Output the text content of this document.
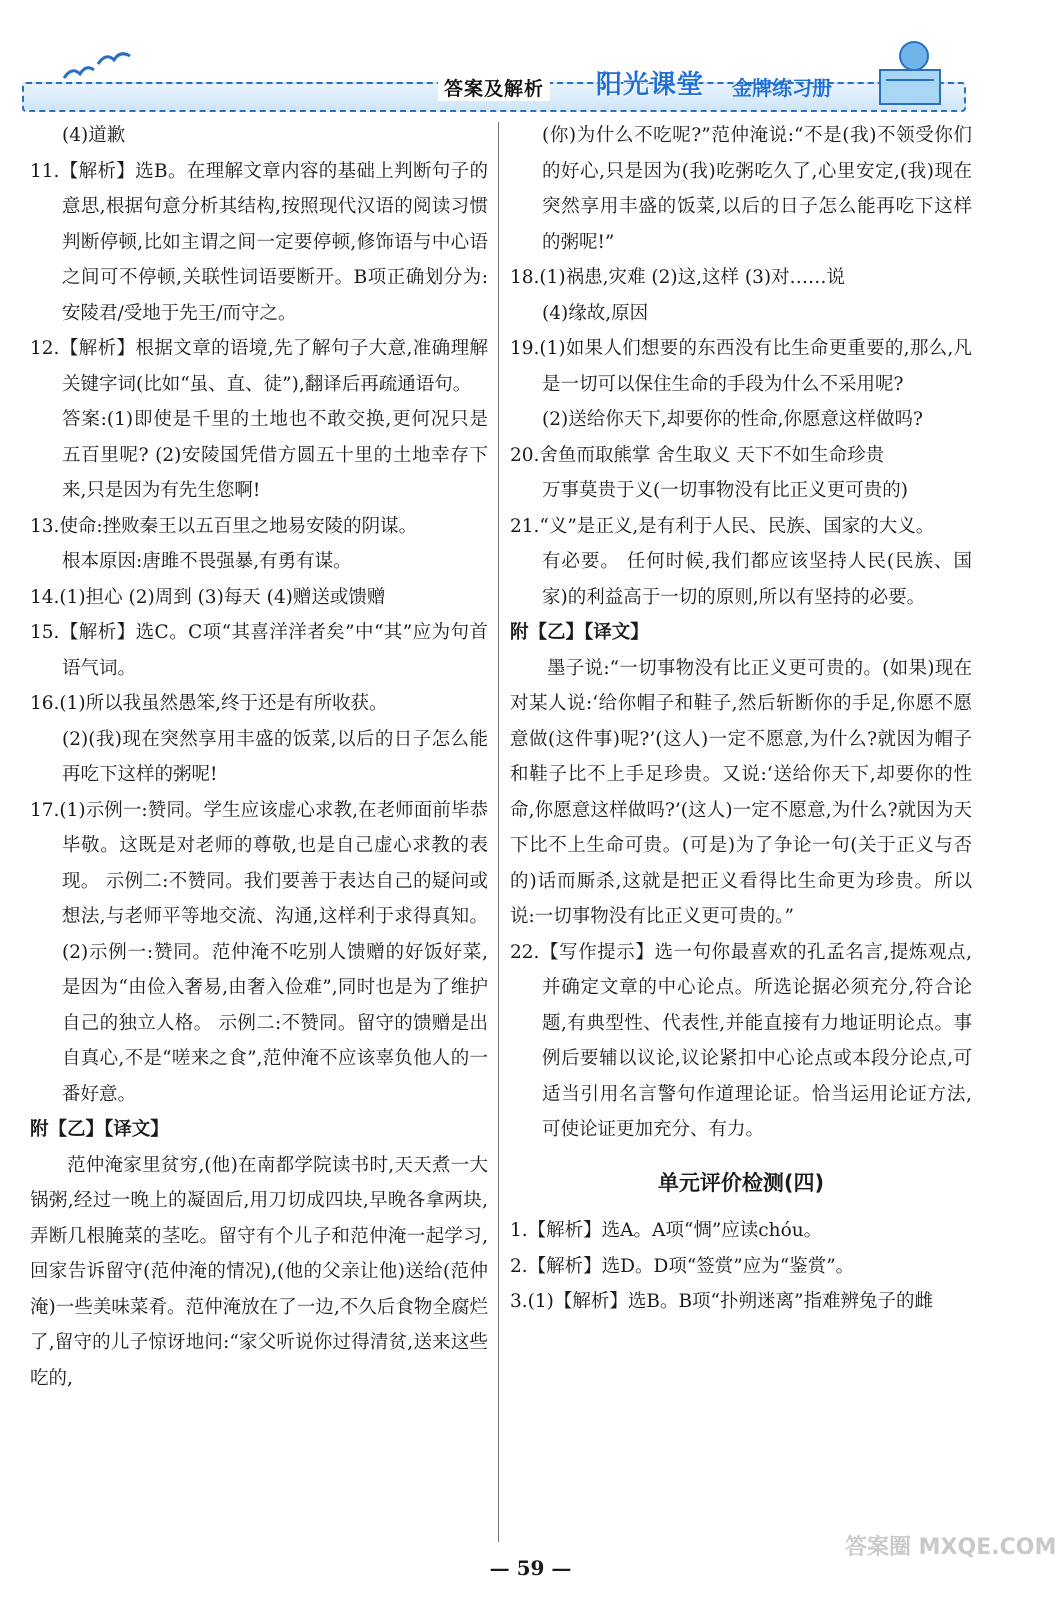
答案及解析 阳光课堂 金牌练习册

(4)道歉

11.【解析】选B。在理解文章内容的基础上判断句子的意思,根据句意分析其结构,按照现代汉语的阅读习惯判断停顿,比如主谓之间一定要停顿,修饰语与中心语之间可不停顿,关联性词语要断开。B项正确划分为:安陵君/受地于先王/而守之。

12.【解析】根据文章的语境,先了解句子大意,准确理解关键字词(比如“虽、直、徒”),翻译后再疏通语句。

答案:(1)即使是千里的土地也不敢交换,更何况只是五百里呢? (2)安陵国凭借方圆五十里的土地幸存下来,只是因为有先生您啊!

13.使命:挫败秦王以五百里之地易安陵的阴谋。

根本原因:唐雎不畏强暴,有勇有谋。

14.(1)担心 (2)周到 (3)每天 (4)赠送或馈赠

15.【解析】选C。C项“其喜洋洋者矣”中“其”应为句首语气词。

16.(1)所以我虽然愚笨,终于还是有所收获。

(2)(我)现在突然享用丰盛的饭菜,以后的日子怎么能再吃下这样的粥呢!

17.(1)示例一:赞同。学生应该虚心求教,在老师面前毕恭毕敬。这既是对老师的尊敬,也是自己虚心求教的表现。 示例二:不赞同。我们要善于表达自己的疑问或想法,与老师平等地交流、沟通,这样利于求得真知。 (2)示例一:赞同。范仲淹不吃别人馈赠的好饭好菜,是因为“由俭入奢易,由奢入俭难”,同时也是为了维护自己的独立人格。 示例二:不赞同。留守的馈赠是出自真心,不是“嗟来之食”,范仲淹不应该辜负他人的一番好意。

附【乙】【译文】

范仲淹家里贫穷,(他)在南都学院读书时,天天煮一大锅粥,经过一晚上的凝固后,用刀切成四块,早晚各拿两块,弄断几根腌菜的茎吃。留守有个儿子和范仲淹一起学习,回家告诉留守(范仲淹的情况),(他的父亲让他)送给(范仲淹)一些美味菜肴。范仲淹放在了一边,不久后食物全腐烂了,留守的儿子惊讶地问:“家父听说你过得清贫,送来这些吃的,

(你)为什么不吃呢?”范仲淹说:“不是(我)不领受你们的好心,只是因为(我)吃粥吃久了,心里安定,(我)现在突然享用丰盛的饭菜,以后的日子怎么能再吃下这样的粥呢!”

18.(1)祸患,灾难 (2)这,这样 (3)对……说

(4)缘故,原因

19.(1)如果人们想要的东西没有比生命更重要的,那么,凡是一切可以保住生命的手段为什么不采用呢?

(2)送给你天下,却要你的性命,你愿意这样做吗?

20.舍鱼而取熊掌 舍生取义 天下不如生命珍贵

万事莫贵于义(一切事物没有比正义更可贵的)

21.“义”是正义,是有利于人民、民族、国家的大义。

有必要。 任何时候,我们都应该坚持人民(民族、国家)的利益高于一切的原则,所以有坚持的必要。

附【乙】【译文】

墨子说:“一切事物没有比正义更可贵的。(如果)现在对某人说:‘给你帽子和鞋子,然后斩断你的手足,你愿不愿意做(这件事)呢?’(这人)一定不愿意,为什么?就因为帽子和鞋子比不上手足珍贵。又说:‘送给你天下,却要你的性命,你愿意这样做吗?’(这人)一定不愿意,为什么?就因为天下比不上生命可贵。(可是)为了争论一句(关于正义与否的)话而厮杀,这就是把正义看得比生命更为珍贵。所以说:一切事物没有比正义更可贵的。”

22.【写作提示】选一句你最喜欢的孔孟名言,提炼观点,并确定文章的中心论点。所选论据必须充分,符合论题,有典型性、代表性,并能直接有力地证明论点。事例后要辅以议论,议论紧扣中心论点或本段分论点,可适当引用名言警句作道理论证。恰当运用论证方法,可使论证更加充分、有力。

单元评价检测(四)

1.【解析】选A。A项“惆”应读chóu。

2.【解析】选D。D项“签赏”应为“鉴赏”。

3.(1)【解析】选B。B项“扑朔迷离”指难辨兔子的雌

— 59 —
答案圈 MXQE.COM
